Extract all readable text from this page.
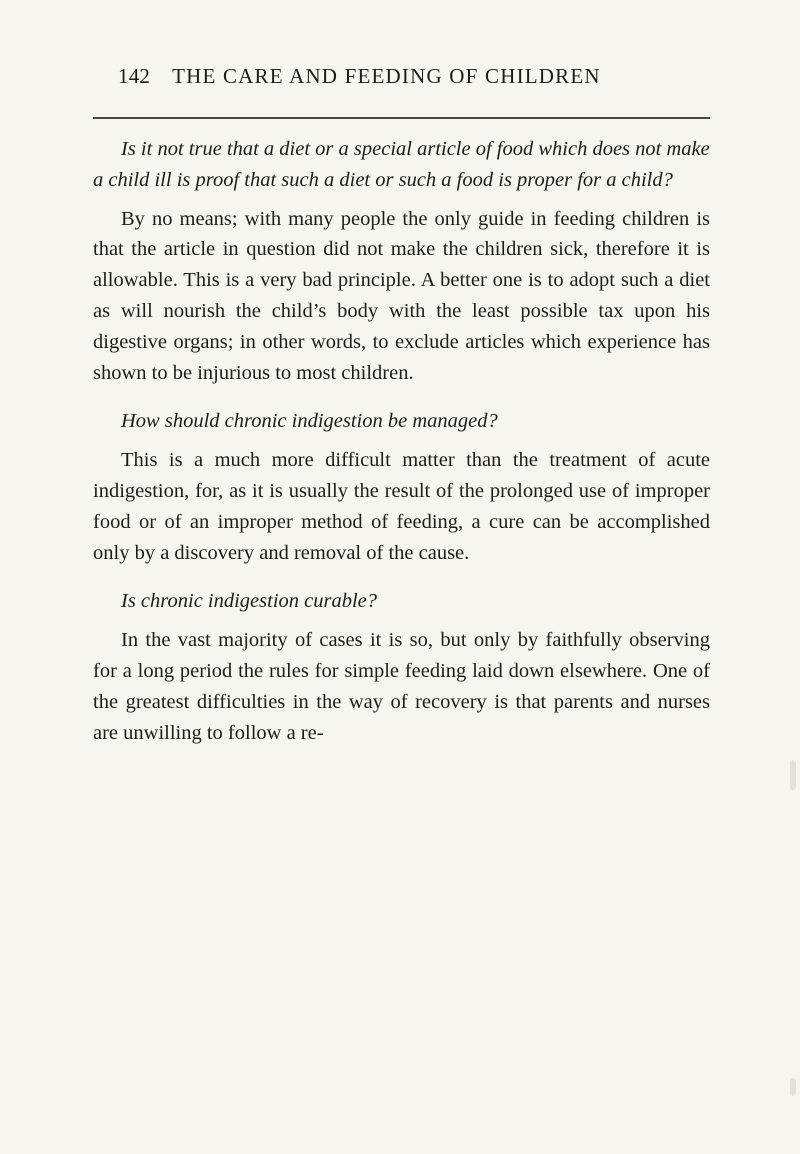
142 THE CARE AND FEEDING OF CHILDREN

Is it not true that a diet or a special article of food which does not make a child ill is proof that such a diet or such a food is proper for a child?

By no means; with many people the only guide in feeding children is that the article in question did not make the children sick, therefore it is allowable. This is a very bad principle. A better one is to adopt such a diet as will nourish the child’s body with the least possible tax upon his digestive organs; in other words, to exclude articles which experience has shown to be injurious to most children.

How should chronic indigestion be managed?

This is a much more difficult matter than the treatment of acute indigestion, for, as it is usually the result of the prolonged use of improper food or of an improper method of feeding, a cure can be accomplished only by a discovery and removal of the cause.

Is chronic indigestion curable?

In the vast majority of cases it is so, but only by faithfully observing for a long period the rules for simple feeding laid down elsewhere. One of the greatest difficulties in the way of recovery is that parents and nurses are unwilling to follow a re-
